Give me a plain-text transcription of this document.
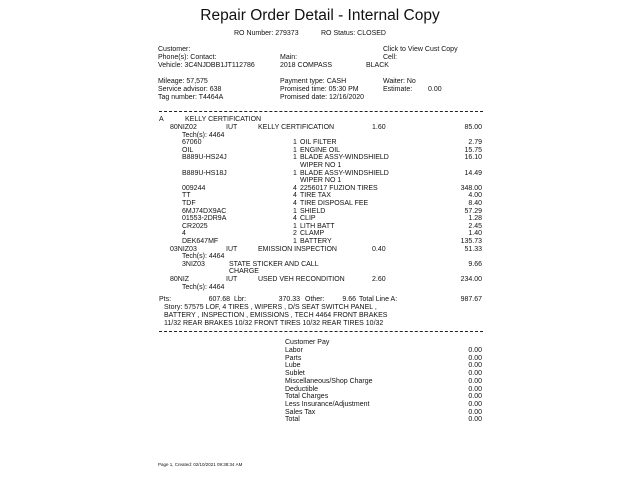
Repair Order Detail - Internal Copy
RO Number: 279373	RO Status: CLOSED
Customer:
Phone(s): Contact:
Vehicle: 3C4NJDBB1JT112786
Click to View Cust Copy
Cell:
Main:
2018 COMPASS	BLACK
Mileage: 57,575
Service advisor: 638
Tag number: T4464A
Payment type: CASH
Promised time: 05:30 PM
Promised date: 12/16/2020
Waiter: No
Estimate: 0.00
A	KELLY CERTIFICATION
80NIZ02	IUT	KELLY CERTIFICATION	1.60	85.00
Tech(s): 4464
67060	1 OIL FILTER	2.79
OIL	1 ENGINE OIL	15.75
B889U-HS24J	1 BLADE ASSY-WINDSHIELD	16.10
WIPER NO 1
B889U-HS18J	1 BLADE ASSY-WINDSHIELD	14.49
WIPER NO 1
009244	4 2256017 FUZION TIRES	348.00
TT	4 TIRE TAX	4.00
TDF	4 TIRE DISPOSAL FEE	8.40
6MJ74DX9AC	1 SHIELD	57.29
01553-2DR9A	4 CLIP	1.28
CR2025	1 LITH BATT	2.45
4	2 CLAMP	1.40
DEK647MF	1 BATTERY	135.73
03NIZ03	IUT	EMISSION INSPECTION	0.40	51.33
Tech(s): 4464
3NIZ03	STATE STICKER AND CALL	9.66
CHARGE
80NIZ	IUT	USED VEH RECONDITION	2.60	234.00
Tech(s): 4464
Pts:	607.68 Lbr:	370.33 Other:	9.66 Total Line A:	987.67
Story: 57575 LOF, 4 TIRES , WIPERS , D/S SEAT SWITCH PANEL ,
BATTERY , INSPECTION , EMISSIONS , TECH 4464 FRONT BRAKES
11/32 REAR BRAKES 10/32 FRONT TIRES 10/32 REAR TIRES 10/32
Customer Pay
Labor	0.00
Parts	0.00
Lube	0.00
Sublet	0.00
Miscellaneous/Shop Charge	0.00
Deductible	0.00
Total Charges	0.00
Less Insurance/Adjustment	0.00
Sales Tax	0.00
Total	0.00
Page 1, Created: 02/10/2021 09:38:34 AM
